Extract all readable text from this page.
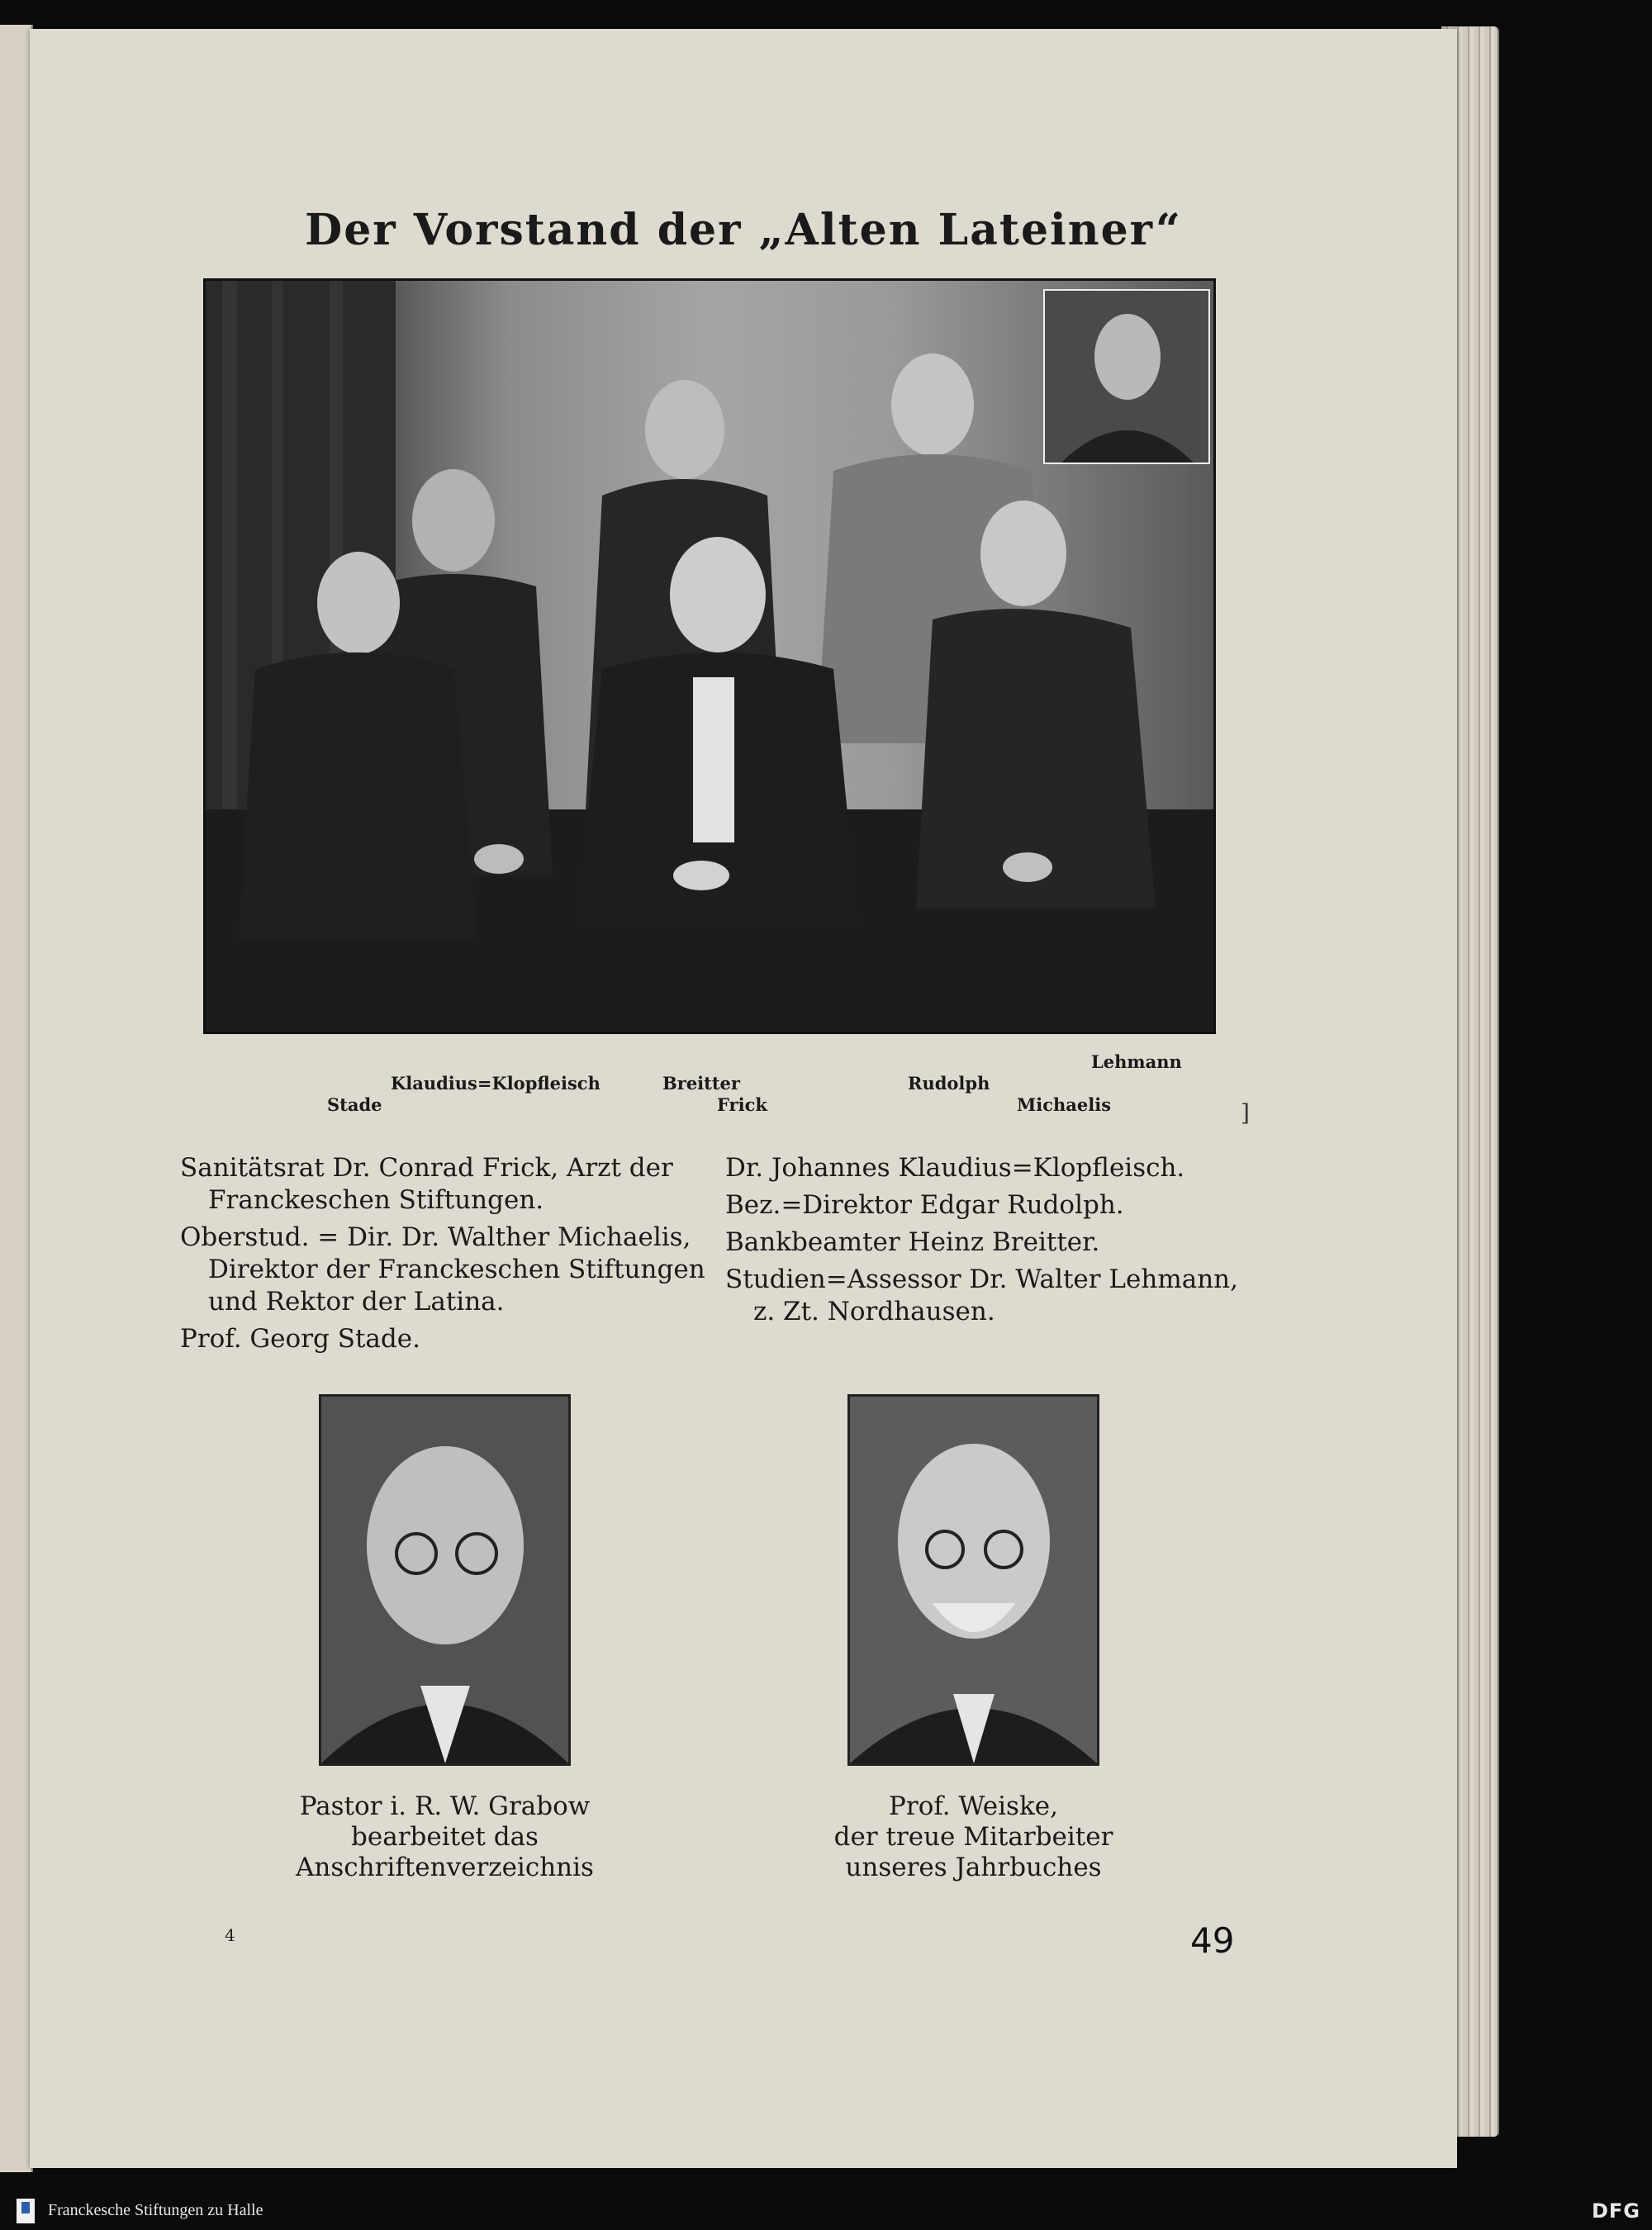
Der Vorstand der „Alten Lateiner“
Stade
Klaudius=Klopfleisch	Breitter
Frick
Rudolph
Michaelis
Lehmann
]
Sanitätsrat Dr. Conrad Frick, Arzt der
Franckeschen Stiftungen.
Oberstud. = Dir. Dr. Walther Michaelis,
Direktor der Franckeschen Stiftungen
und Rektor der Latina.
Prof. Georg Stade.
Dr. Johannes Klaudius=Klopfleisch.
Bez.=Direktor Edgar Rudolph.
Bankbeamter Heinz Breitter.
Studien=Assessor Dr. Walter Lehmann,
z. Zt. Nordhausen.
Pastor i. R. W. Grabow
bearbeitet das
Anschriftenverzeichnis
Prof. Weiske,
der treue Mitarbeiter
unseres Jahrbuches
4	49
Franckesche Stiftungen zu Halle	DFG
